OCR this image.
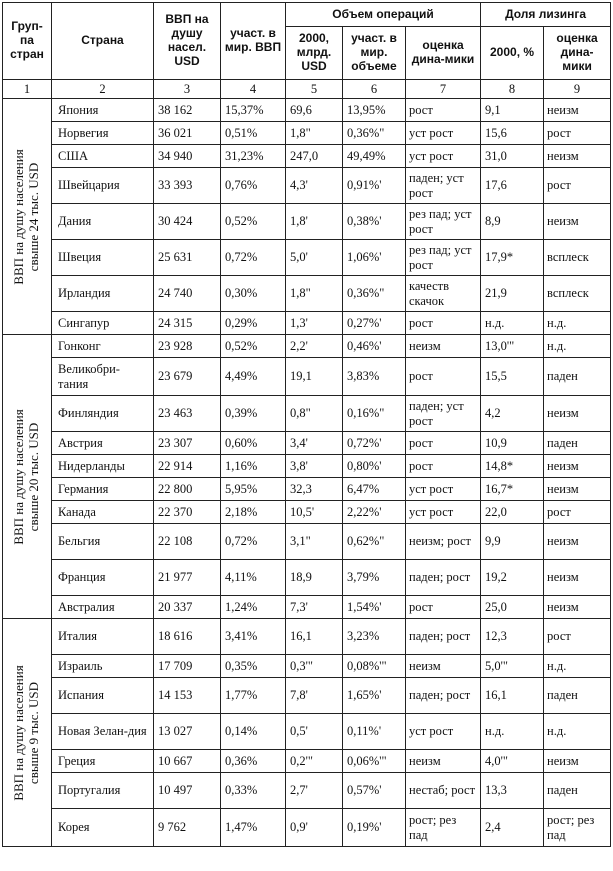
Груп-па стран	Страна	ВВП на душу насел. USD	участ. в мир. ВВП	Объем операций			Доля лизинга	
				2000, млрд. USD	участ. в мир. объеме	оценка дина-мики	2000, %	оценка дина-мики
1	2	3	4	5	6	7	8	9

ВВП на душу населения
свыше 24 тыс. USD	Япония	38 162	15,37%	69,6	13,95%	рост	9,1	неизм
	Норвегия	36 021	0,51%	1,8"	0,36%"	уст рост	15,6	рост
	США	34 940	31,23%	247,0	49,49%	уст рост	31,0	неизм
	Швейцария	33 393	0,76%	4,3'	0,91%'	паден; уст рост	17,6	рост
	Дания	30 424	0,52%	1,8'	0,38%'	рез пад; уст рост	8,9	неизм
	Швеция	25 631	0,72%	5,0'	1,06%'	рез пад; уст рост	17,9*	всплеск
	Ирландия	24 740	0,30%	1,8"	0,36%"	качеств скачок	21,9	всплеск
	Сингапур	24 315	0,29%	1,3'	0,27%'	рост	н.д.	н.д.

ВВП на душу населения
свыше 20 тыс. USD	Гонконг	23 928	0,52%	2,2'	0,46%'	неизм	13,0'"	н.д.
	Великобри-тания	23 679	4,49%	19,1	3,83%	рост	15,5	паден
	Финляндия	23 463	0,39%	0,8"	0,16%"	паден; уст рост	4,2	неизм
	Австрия	23 307	0,60%	3,4'	0,72%'	рост	10,9	паден
	Нидерланды	22 914	1,16%	3,8'	0,80%'	рост	14,8*	неизм
	Германия	22 800	5,95%	32,3	6,47%	уст рост	16,7*	неизм
	Канада	22 370	2,18%	10,5'	2,22%'	уст рост	22,0	рост
	Бельгия	22 108	0,72%	3,1"	0,62%"	неизм; рост	9,9	неизм
	Франция	21 977	4,11%	18,9	3,79%	паден; рост	19,2	неизм
	Австралия	20 337	1,24%	7,3'	1,54%'	рост	25,0	неизм

ВВП на душу населения
свыше 9 тыс. USD	Италия	18 616	3,41%	16,1	3,23%	паден; рост	12,3	рост
	Израиль	17 709	0,35%	0,3'"	0,08%'"	неизм	5,0'"	н.д.
	Испания	14 153	1,77%	7,8'	1,65%'	паден; рост	16,1	паден
	Новая Зелан-дия	13 027	0,14%	0,5'	0,11%'	уст рост	н.д.	н.д.
	Греция	10 667	0,36%	0,2'"	0,06%'"	неизм	4,0'"	неизм
	Португалия	10 497	0,33%	2,7'	0,57%'	нестаб; рост	13,3	паден
	Корея	9 762	1,47%	0,9'	0,19%'	рост; рез пад	2,4	рост; рез пад
